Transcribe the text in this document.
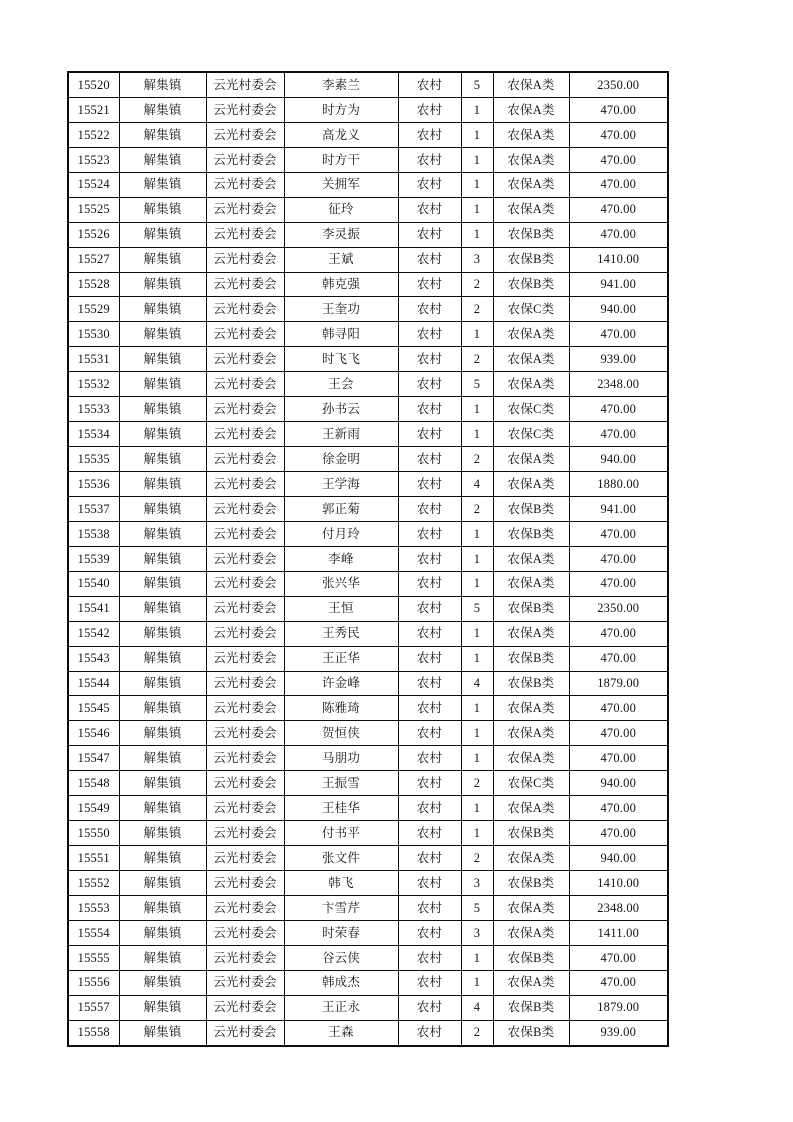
15520	解集镇	云光村委会	李素兰	农村	5	农保A类	2350.00
15521	解集镇	云光村委会	时方为	农村	1	农保A类	470.00
15522	解集镇	云光村委会	高龙义	农村	1	农保A类	470.00
15523	解集镇	云光村委会	时方干	农村	1	农保A类	470.00
15524	解集镇	云光村委会	关拥军	农村	1	农保A类	470.00
15525	解集镇	云光村委会	征玲	农村	1	农保A类	470.00
15526	解集镇	云光村委会	李灵振	农村	1	农保B类	470.00
15527	解集镇	云光村委会	王斌	农村	3	农保B类	1410.00
15528	解集镇	云光村委会	韩克强	农村	2	农保B类	941.00
15529	解集镇	云光村委会	王奎功	农村	2	农保C类	940.00
15530	解集镇	云光村委会	韩寻阳	农村	1	农保A类	470.00
15531	解集镇	云光村委会	时飞飞	农村	2	农保A类	939.00
15532	解集镇	云光村委会	王会	农村	5	农保A类	2348.00
15533	解集镇	云光村委会	孙书云	农村	1	农保C类	470.00
15534	解集镇	云光村委会	王新雨	农村	1	农保C类	470.00
15535	解集镇	云光村委会	徐金明	农村	2	农保A类	940.00
15536	解集镇	云光村委会	王学海	农村	4	农保A类	1880.00
15537	解集镇	云光村委会	郭正菊	农村	2	农保B类	941.00
15538	解集镇	云光村委会	付月玲	农村	1	农保B类	470.00
15539	解集镇	云光村委会	李峰	农村	1	农保A类	470.00
15540	解集镇	云光村委会	张兴华	农村	1	农保A类	470.00
15541	解集镇	云光村委会	王恒	农村	5	农保B类	2350.00
15542	解集镇	云光村委会	王秀民	农村	1	农保A类	470.00
15543	解集镇	云光村委会	王正华	农村	1	农保B类	470.00
15544	解集镇	云光村委会	许金峰	农村	4	农保B类	1879.00
15545	解集镇	云光村委会	陈雅琦	农村	1	农保A类	470.00
15546	解集镇	云光村委会	贺恒侠	农村	1	农保A类	470.00
15547	解集镇	云光村委会	马朋功	农村	1	农保A类	470.00
15548	解集镇	云光村委会	王振雪	农村	2	农保C类	940.00
15549	解集镇	云光村委会	王桂华	农村	1	农保A类	470.00
15550	解集镇	云光村委会	付书平	农村	1	农保B类	470.00
15551	解集镇	云光村委会	张文件	农村	2	农保A类	940.00
15552	解集镇	云光村委会	韩飞	农村	3	农保B类	1410.00
15553	解集镇	云光村委会	卞雪芹	农村	5	农保A类	2348.00
15554	解集镇	云光村委会	时荣春	农村	3	农保A类	1411.00
15555	解集镇	云光村委会	谷云侠	农村	1	农保B类	470.00
15556	解集镇	云光村委会	韩成杰	农村	1	农保A类	470.00
15557	解集镇	云光村委会	王正永	农村	4	农保B类	1879.00
15558	解集镇	云光村委会	王森	农村	2	农保B类	939.00
